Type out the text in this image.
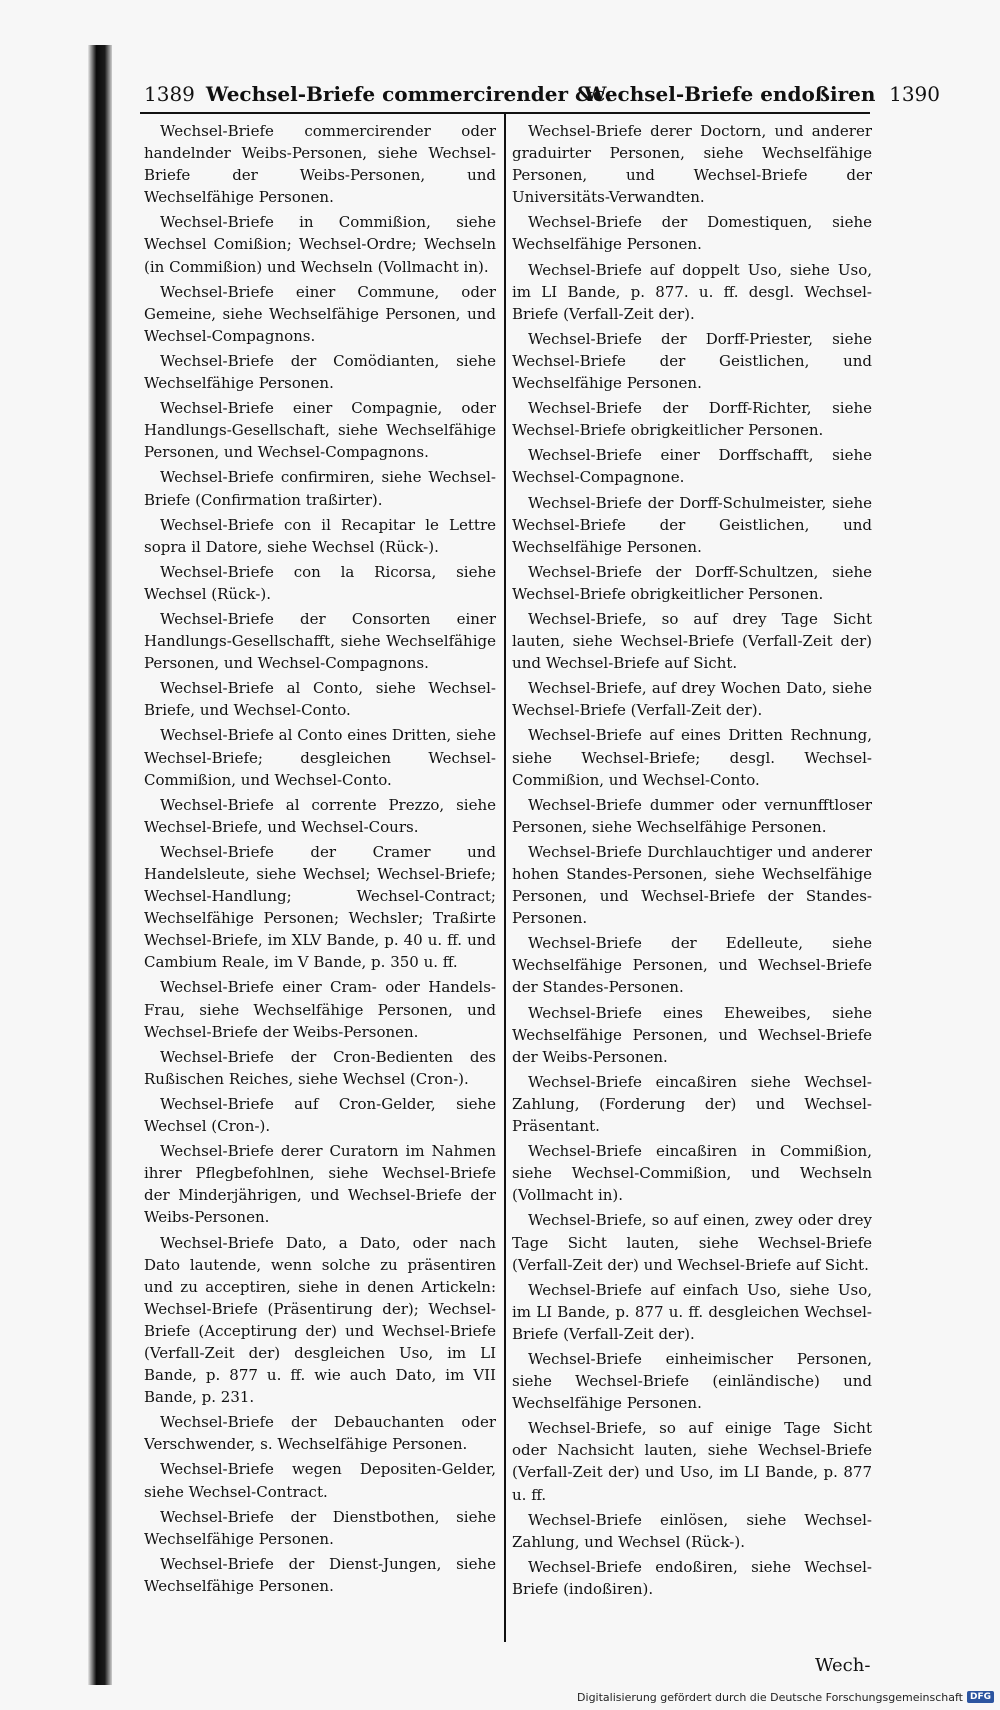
1389 Wechsel-Briefe commercirender &c.
Wechsel-Briefe endoßiren 1390

Wechsel-Briefe commercirender oder handelnder Weibs-Personen, siehe Wechsel-Briefe der Weibs-Personen, und Wechselfähige Personen.

Wechsel-Briefe in Commißion, siehe Wechsel Comißion; Wechsel-Ordre; Wechseln (in Commißion) und Wechseln (Vollmacht in).

Wechsel-Briefe einer Commune, oder Gemeine, siehe Wechselfähige Personen, und Wechsel-Compagnons.

Wechsel-Briefe der Comödianten, siehe Wechselfähige Personen.

Wechsel-Briefe einer Compagnie, oder Handlungs-Gesellschaft, siehe Wechselfähige Personen, und Wechsel-Compagnons.

Wechsel-Briefe confirmiren, siehe Wechsel-Briefe (Confirmation traßirter).

Wechsel-Briefe con il Recapitar le Lettre sopra il Datore, siehe Wechsel (Rück-).

Wechsel-Briefe con la Ricorsa, siehe Wechsel (Rück-).

Wechsel-Briefe der Consorten einer Handlungs-Gesellschafft, siehe Wechselfähige Personen, und Wechsel-Compagnons.

Wechsel-Briefe al Conto, siehe Wechsel-Briefe, und Wechsel-Conto.

Wechsel-Briefe al Conto eines Dritten, siehe Wechsel-Briefe; desgleichen Wechsel-Commißion, und Wechsel-Conto.

Wechsel-Briefe al corrente Prezzo, siehe Wechsel-Briefe, und Wechsel-Cours.

Wechsel-Briefe der Cramer und Handelsleute, siehe Wechsel; Wechsel-Briefe; Wechsel-Handlung; Wechsel-Contract; Wechselfähige Personen; Wechsler; Traßirte Wechsel-Briefe, im XLV Bande, p. 40 u. ff. und Cambium Reale, im V Bande, p. 350 u. ff.

Wechsel-Briefe einer Cram- oder Handels-Frau, siehe Wechselfähige Personen, und Wechsel-Briefe der Weibs-Personen.

Wechsel-Briefe der Cron-Bedienten des Rußischen Reiches, siehe Wechsel (Cron-).

Wechsel-Briefe auf Cron-Gelder, siehe Wechsel (Cron-).

Wechsel-Briefe derer Curatorn im Nahmen ihrer Pflegbefohlnen, siehe Wechsel-Briefe der Minderjährigen, und Wechsel-Briefe der Weibs-Personen.

Wechsel-Briefe Dato, a Dato, oder nach Dato lautende, wenn solche zu präsentiren und zu acceptiren, siehe in denen Artickeln: Wechsel-Briefe (Präsentirung der); Wechsel-Briefe (Acceptirung der) und Wechsel-Briefe (Verfall-Zeit der) desgleichen Uso, im LI Bande, p. 877 u. ff. wie auch Dato, im VII Bande, p. 231.

Wechsel-Briefe der Debauchanten oder Verschwender, s. Wechselfähige Personen.

Wechsel-Briefe wegen Depositen-Gelder, siehe Wechsel-Contract.

Wechsel-Briefe der Dienstbothen, siehe Wechselfähige Personen.

Wechsel-Briefe der Dienst-Jungen, siehe Wechselfähige Personen.

Wechsel-Briefe derer Doctorn, und anderer graduirter Personen, siehe Wechselfähige Personen, und Wechsel-Briefe der Universitäts-Verwandten.

Wechsel-Briefe der Domestiquen, siehe Wechselfähige Personen.

Wechsel-Briefe auf doppelt Uso, siehe Uso, im LI Bande, p. 877. u. ff. desgl. Wechsel-Briefe (Verfall-Zeit der).

Wechsel-Briefe der Dorff-Priester, siehe Wechsel-Briefe der Geistlichen, und Wechselfähige Personen.

Wechsel-Briefe der Dorff-Richter, siehe Wechsel-Briefe obrigkeitlicher Personen.

Wechsel-Briefe einer Dorffschafft, siehe Wechsel-Compagnone.

Wechsel-Briefe der Dorff-Schulmeister, siehe Wechsel-Briefe der Geistlichen, und Wechselfähige Personen.

Wechsel-Briefe der Dorff-Schultzen, siehe Wechsel-Briefe obrigkeitlicher Personen.

Wechsel-Briefe, so auf drey Tage Sicht lauten, siehe Wechsel-Briefe (Verfall-Zeit der) und Wechsel-Briefe auf Sicht.

Wechsel-Briefe, auf drey Wochen Dato, siehe Wechsel-Briefe (Verfall-Zeit der).

Wechsel-Briefe auf eines Dritten Rechnung, siehe Wechsel-Briefe; desgl. Wechsel-Commißion, und Wechsel-Conto.

Wechsel-Briefe dummer oder vernunfftloser Personen, siehe Wechselfähige Personen.

Wechsel-Briefe Durchlauchtiger und anderer hohen Standes-Personen, siehe Wechselfähige Personen, und Wechsel-Briefe der Standes-Personen.

Wechsel-Briefe der Edelleute, siehe Wechselfähige Personen, und Wechsel-Briefe der Standes-Personen.

Wechsel-Briefe eines Eheweibes, siehe Wechselfähige Personen, und Wechsel-Briefe der Weibs-Personen.

Wechsel-Briefe eincaßiren siehe Wechsel-Zahlung, (Forderung der) und Wechsel-Präsentant.

Wechsel-Briefe eincaßiren in Commißion, siehe Wechsel-Commißion, und Wechseln (Vollmacht in).

Wechsel-Briefe, so auf einen, zwey oder drey Tage Sicht lauten, siehe Wechsel-Briefe (Verfall-Zeit der) und Wechsel-Briefe auf Sicht.

Wechsel-Briefe auf einfach Uso, siehe Uso, im LI Bande, p. 877 u. ff. desgleichen Wechsel-Briefe (Verfall-Zeit der).

Wechsel-Briefe einheimischer Personen, siehe Wechsel-Briefe (einländische) und Wechselfähige Personen.

Wechsel-Briefe, so auf einige Tage Sicht oder Nachsicht lauten, siehe Wechsel-Briefe (Verfall-Zeit der) und Uso, im LI Bande, p. 877 u. ff.

Wechsel-Briefe einlösen, siehe Wechsel-Zahlung, und Wechsel (Rück-).

Wechsel-Briefe endoßiren, siehe Wechsel-Briefe (indoßiren).

Wech-
Digitalisierung gefördert durch die Deutsche Forschungsgemeinschaft DFG
